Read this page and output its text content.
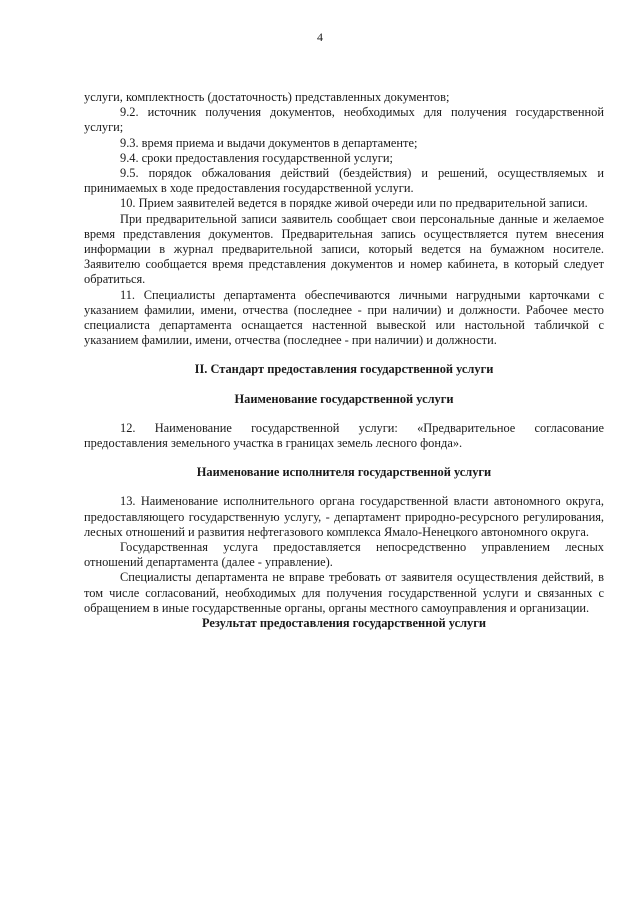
4

услуги, комплектность (достаточность) представленных документов;

9.2. источник получения документов, необходимых для получения государственной услуги;

9.3. время приема и выдачи документов в департаменте;

9.4. сроки предоставления государственной услуги;

9.5. порядок обжалования действий (бездействия) и решений, осуществляемых и принимаемых в ходе предоставления государственной услуги.

10. Прием заявителей ведется в порядке живой очереди или по предварительной записи.

При предварительной записи заявитель сообщает свои персональные данные и желаемое время представления документов. Предварительная запись осуществляется путем внесения информации в журнал предварительной записи, который ведется на бумажном носителе. Заявителю сообщается время представления документов и номер кабинета, в который следует обратиться.

11. Специалисты департамента обеспечиваются личными нагрудными карточками с указанием фамилии, имени, отчества (последнее - при наличии) и должности. Рабочее место специалиста департамента оснащается настенной вывеской или настольной табличкой с указанием фамилии, имени, отчества (последнее - при наличии) и должности.

II. Стандарт предоставления государственной услуги

Наименование государственной услуги

12. Наименование государственной услуги: «Предварительное согласование предоставления земельного участка в границах земель лесного фонда».

Наименование исполнителя государственной услуги

13. Наименование исполнительного органа государственной власти автономного округа, предоставляющего государственную услугу, - департамент природно-ресурсного регулирования, лесных отношений и развития нефтегазового комплекса Ямало-Ненецкого автономного округа.

Государственная услуга предоставляется непосредственно управлением лесных отношений департамента (далее - управление).

Специалисты департамента не вправе требовать от заявителя осуществления действий, в том числе согласований, необходимых для получения государственной услуги и связанных с обращением в иные государственные органы, органы местного самоуправления и организации.

Результат предоставления государственной услуги
